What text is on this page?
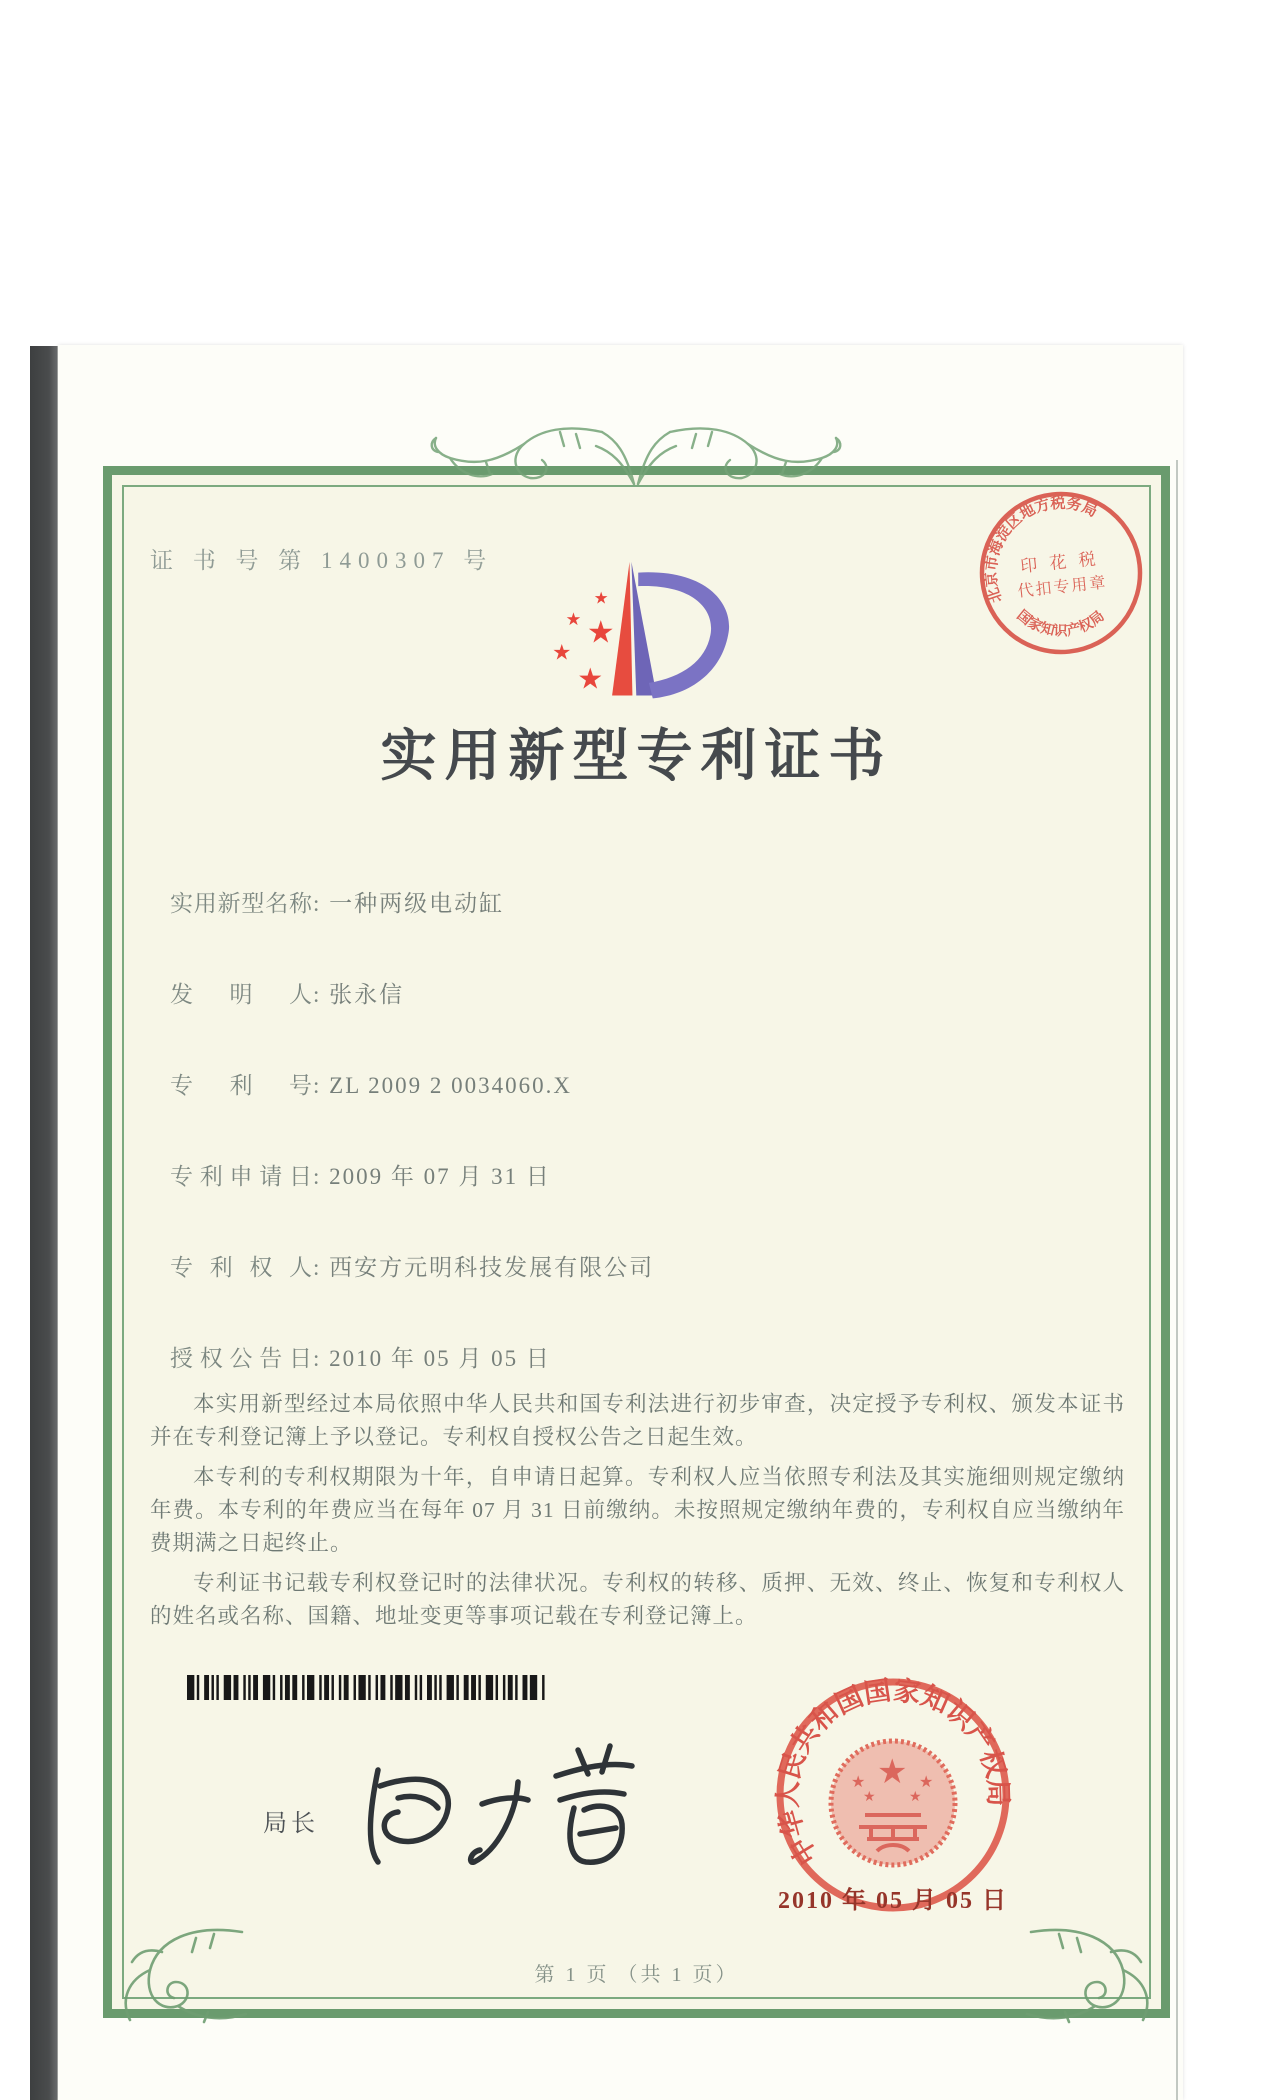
证 书 号 第 1400307 号
★
★ ★
★
★
北京市海淀区地方税务局
国家知识产权局
印 花 税
代扣专用章
实用新型专利证书
实用新型名称: 一种两级电动缸
发明人: 张永信
专利号: ZL 2009 2 0034060.X
专利申请日: 2009 年 07 月 31 日
专利权人: 西安方元明科技发展有限公司
授权公告日: 2010 年 05 月 05 日

本实用新型经过本局依照中华人民共和国专利法进行初步审查，决定授予专利权、颁发本证书并在专利登记簿上予以登记。专利权自授权公告之日起生效。

本专利的专利权期限为十年，自申请日起算。专利权人应当依照专利法及其实施细则规定缴纳年费。本专利的年费应当在每年 07 月 31 日前缴纳。未按照规定缴纳年费的，专利权自应当缴纳年费期满之日起终止。

专利证书记载专利权登记时的法律状况。专利权的转移、质押、无效、终止、恢复和专利权人的姓名或名称、国籍、地址变更等事项记载在专利登记簿上。

局长
中华人民共和国国家知识产权局
★
★	★
★ ★
2010 年 05 月 05 日
第 1 页 （共 1 页）
